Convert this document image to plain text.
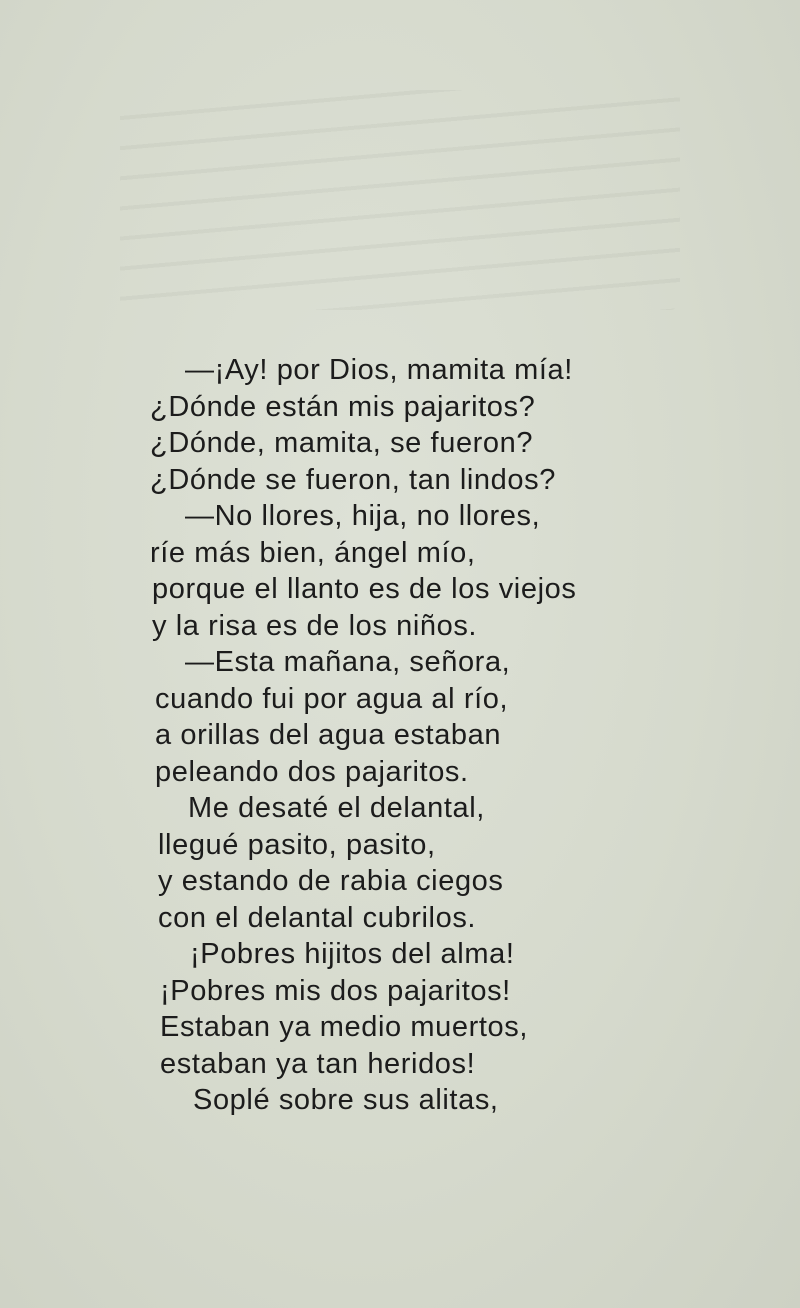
—¡Ay! por Dios, mamita mía!
¿Dónde están mis pajaritos?
¿Dónde, mamita, se fueron?
¿Dónde se fueron, tan lindos?
—No llores, hija, no llores,
ríe más bien, ángel mío,
porque el llanto es de los viejos
y la risa es de los niños.
—Esta mañana, señora,
cuando fui por agua al río,
a orillas del agua estaban
peleando dos pajaritos.
Me desaté el delantal,
llegué pasito, pasito,
y estando de rabia ciegos
con el delantal cubrilos.
¡Pobres hijitos del alma!
¡Pobres mis dos pajaritos!
Estaban ya medio muertos,
estaban ya tan heridos!
Soplé sobre sus alitas,
